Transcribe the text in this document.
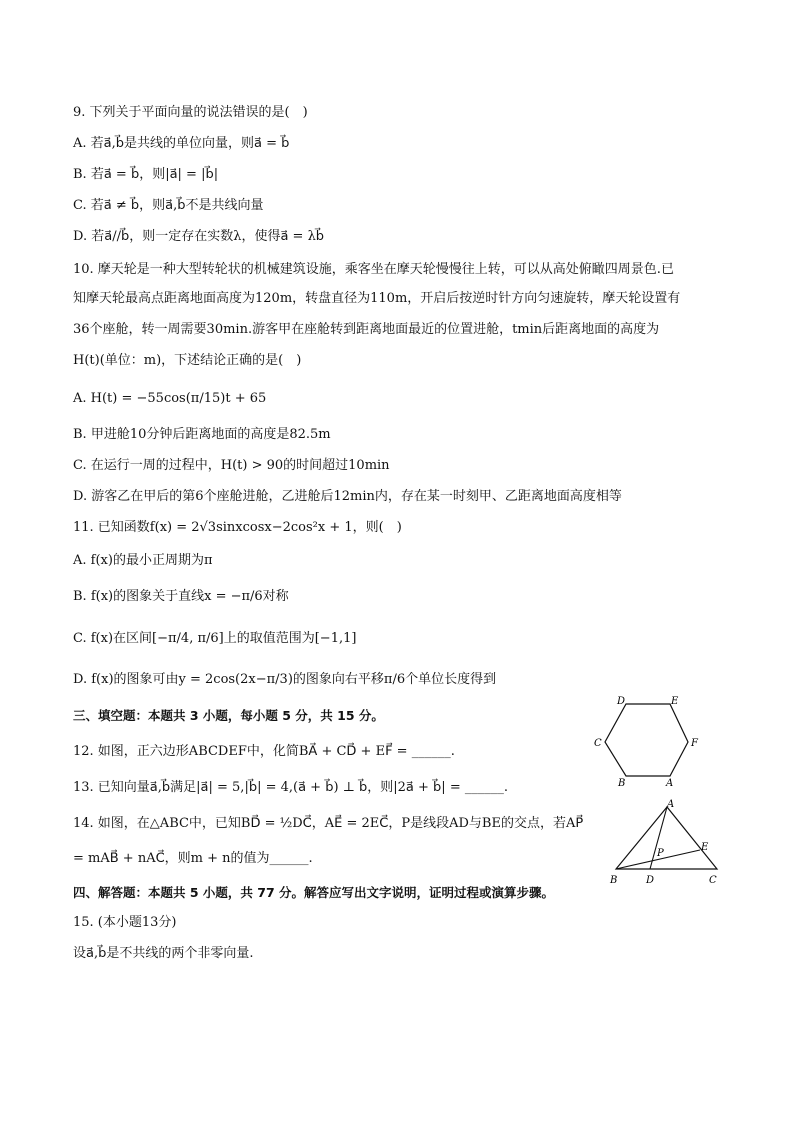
9. 下列关于平面向量的说法错误的是(　)
A. 若a⃗,b⃗是共线的单位向量，则a⃗ = b⃗
B. 若a⃗ = b⃗，则|a⃗| = |b⃗|
C. 若a⃗ ≠ b⃗，则a⃗,b⃗不是共线向量
D. 若a⃗//b⃗，则一定存在实数λ，使得a⃗ = λb⃗
10. 摩天轮是一种大型转轮状的机械建筑设施，乘客坐在摩天轮慢慢往上转，可以从高处俯瞰四周景色.已
知摩天轮最高点距离地面高度为120m，转盘直径为110m，开启后按逆时针方向匀速旋转，摩天轮设置有
36个座舱，转一周需要30min.游客甲在座舱转到距离地面最近的位置进舱，tmin后距离地面的高度为
H(t)(单位：m)，下述结论正确的是(　)
A. H(t) = −55cos(π/15)t + 65
B. 甲进舱10分钟后距离地面的高度是82.5m
C. 在运行一周的过程中，H(t) > 90的时间超过10min
D. 游客乙在甲后的第6个座舱进舱，乙进舱后12min内，存在某一时刻甲、乙距离地面高度相等
11. 已知函数f(x) = 2√3sinxcosx−2cos²x + 1，则(　)
A. f(x)的最小正周期为π
B. f(x)的图象关于直线x = −π/6对称
C. f(x)在区间[−π/4, π/6]上的取值范围为[−1,1]
D. f(x)的图象可由y = 2cos(2x−π/3)的图象向右平移π/6个单位长度得到
三、填空题：本题共 3 小题，每小题 5 分，共 15 分。
12. 如图，正六边形ABCDEF中，化简BA⃗ + CD⃗ + EF⃗ = ______.
13. 已知向量a⃗,b⃗满足|a⃗| = 5,|b⃗| = 4,(a⃗ + b⃗) ⊥ b⃗，则|2a⃗ + b⃗| = ______.
14. 如图，在△ABC中，已知BD⃗ = ½DC⃗，AE⃗ = 2EC⃗，P是线段AD与BE的交点，若AP⃗
= mAB⃗ + nAC⃗，则m + n的值为______.
四、解答题：本题共 5 小题，共 77 分。解答应写出文字说明，证明过程或演算步骤。
15. (本小题13分)
设a⃗,b⃗是不共线的两个非零向量.
D	E
F
C
B	A
A
B	D	C
E
P
